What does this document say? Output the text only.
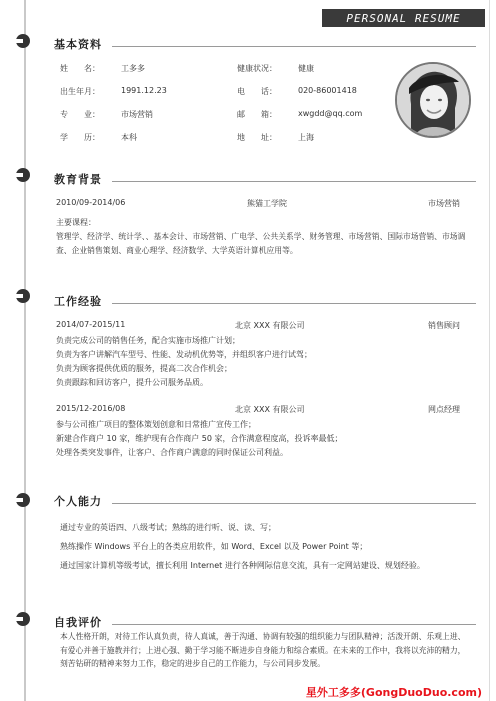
PERSONAL RESUME
基本资料
姓　　名：	工多多	健康状况：	健康
出生年月：	1991.12.23	电　　话：	020-86001418
专　　业：	市场营销	邮　　箱：	xwgdd@qq.com
学　　历：	本科	地　　址：	上海
教育背景
2010/09-2014/06	熊猫工学院	市场营销
主要课程：
管理学、经济学、统计学、、基本会计、市场营销、广电学、公共关系学、财务管理、市场营销、国际市场营销、市场调查、企业销售策划、商业心理学、经济数学、大学英语计算机应用等。
工作经验
2014/07-2015/11	北京 XXX 有限公司	销售顾问
负责完成公司的销售任务，配合实施市场推广计划；
负责为客户讲解汽车型号、性能、发动机优势等，并组织客户进行试驾；
负责为顾客提供优质的服务，提高二次合作机会；
负责跟踪和回访客户，提升公司服务品质。
2015/12-2016/08	北京 XXX 有限公司	网点经理
参与公司推广项目的整体策划创意和日常推广宣传工作；
新建合作商户 10 家，维护现有合作商户 50 家，合作满意程度高，投诉率最低；
处理各类突发事件，让客户、合作商户满意的同时保证公司利益。
个人能力
通过专业的英语四、八级考试；熟练的进行听、说、读、写；
熟练操作 Windows 平台上的各类应用软件，如 Word、Excel 以及 Power Point 等；
通过国家计算机等级考试，擅长利用 Internet 进行各种网际信息交流，具有一定网站建设、规划经验。
自我评价
本人性格开朗，对待工作认真负责，待人真诚，善于沟通、协调有较强的组织能力与团队精神；活泼开朗、乐观上进、有爱心并善于施教并行；上进心强、勤于学习能不断进步自身能力和综合素质。在未来的工作中，我将以充沛的精力，刻苦钻研的精神来努力工作，稳定的进步自己的工作能力，与公司同步发展。
星外工多多(GongDuoDuo.com)
